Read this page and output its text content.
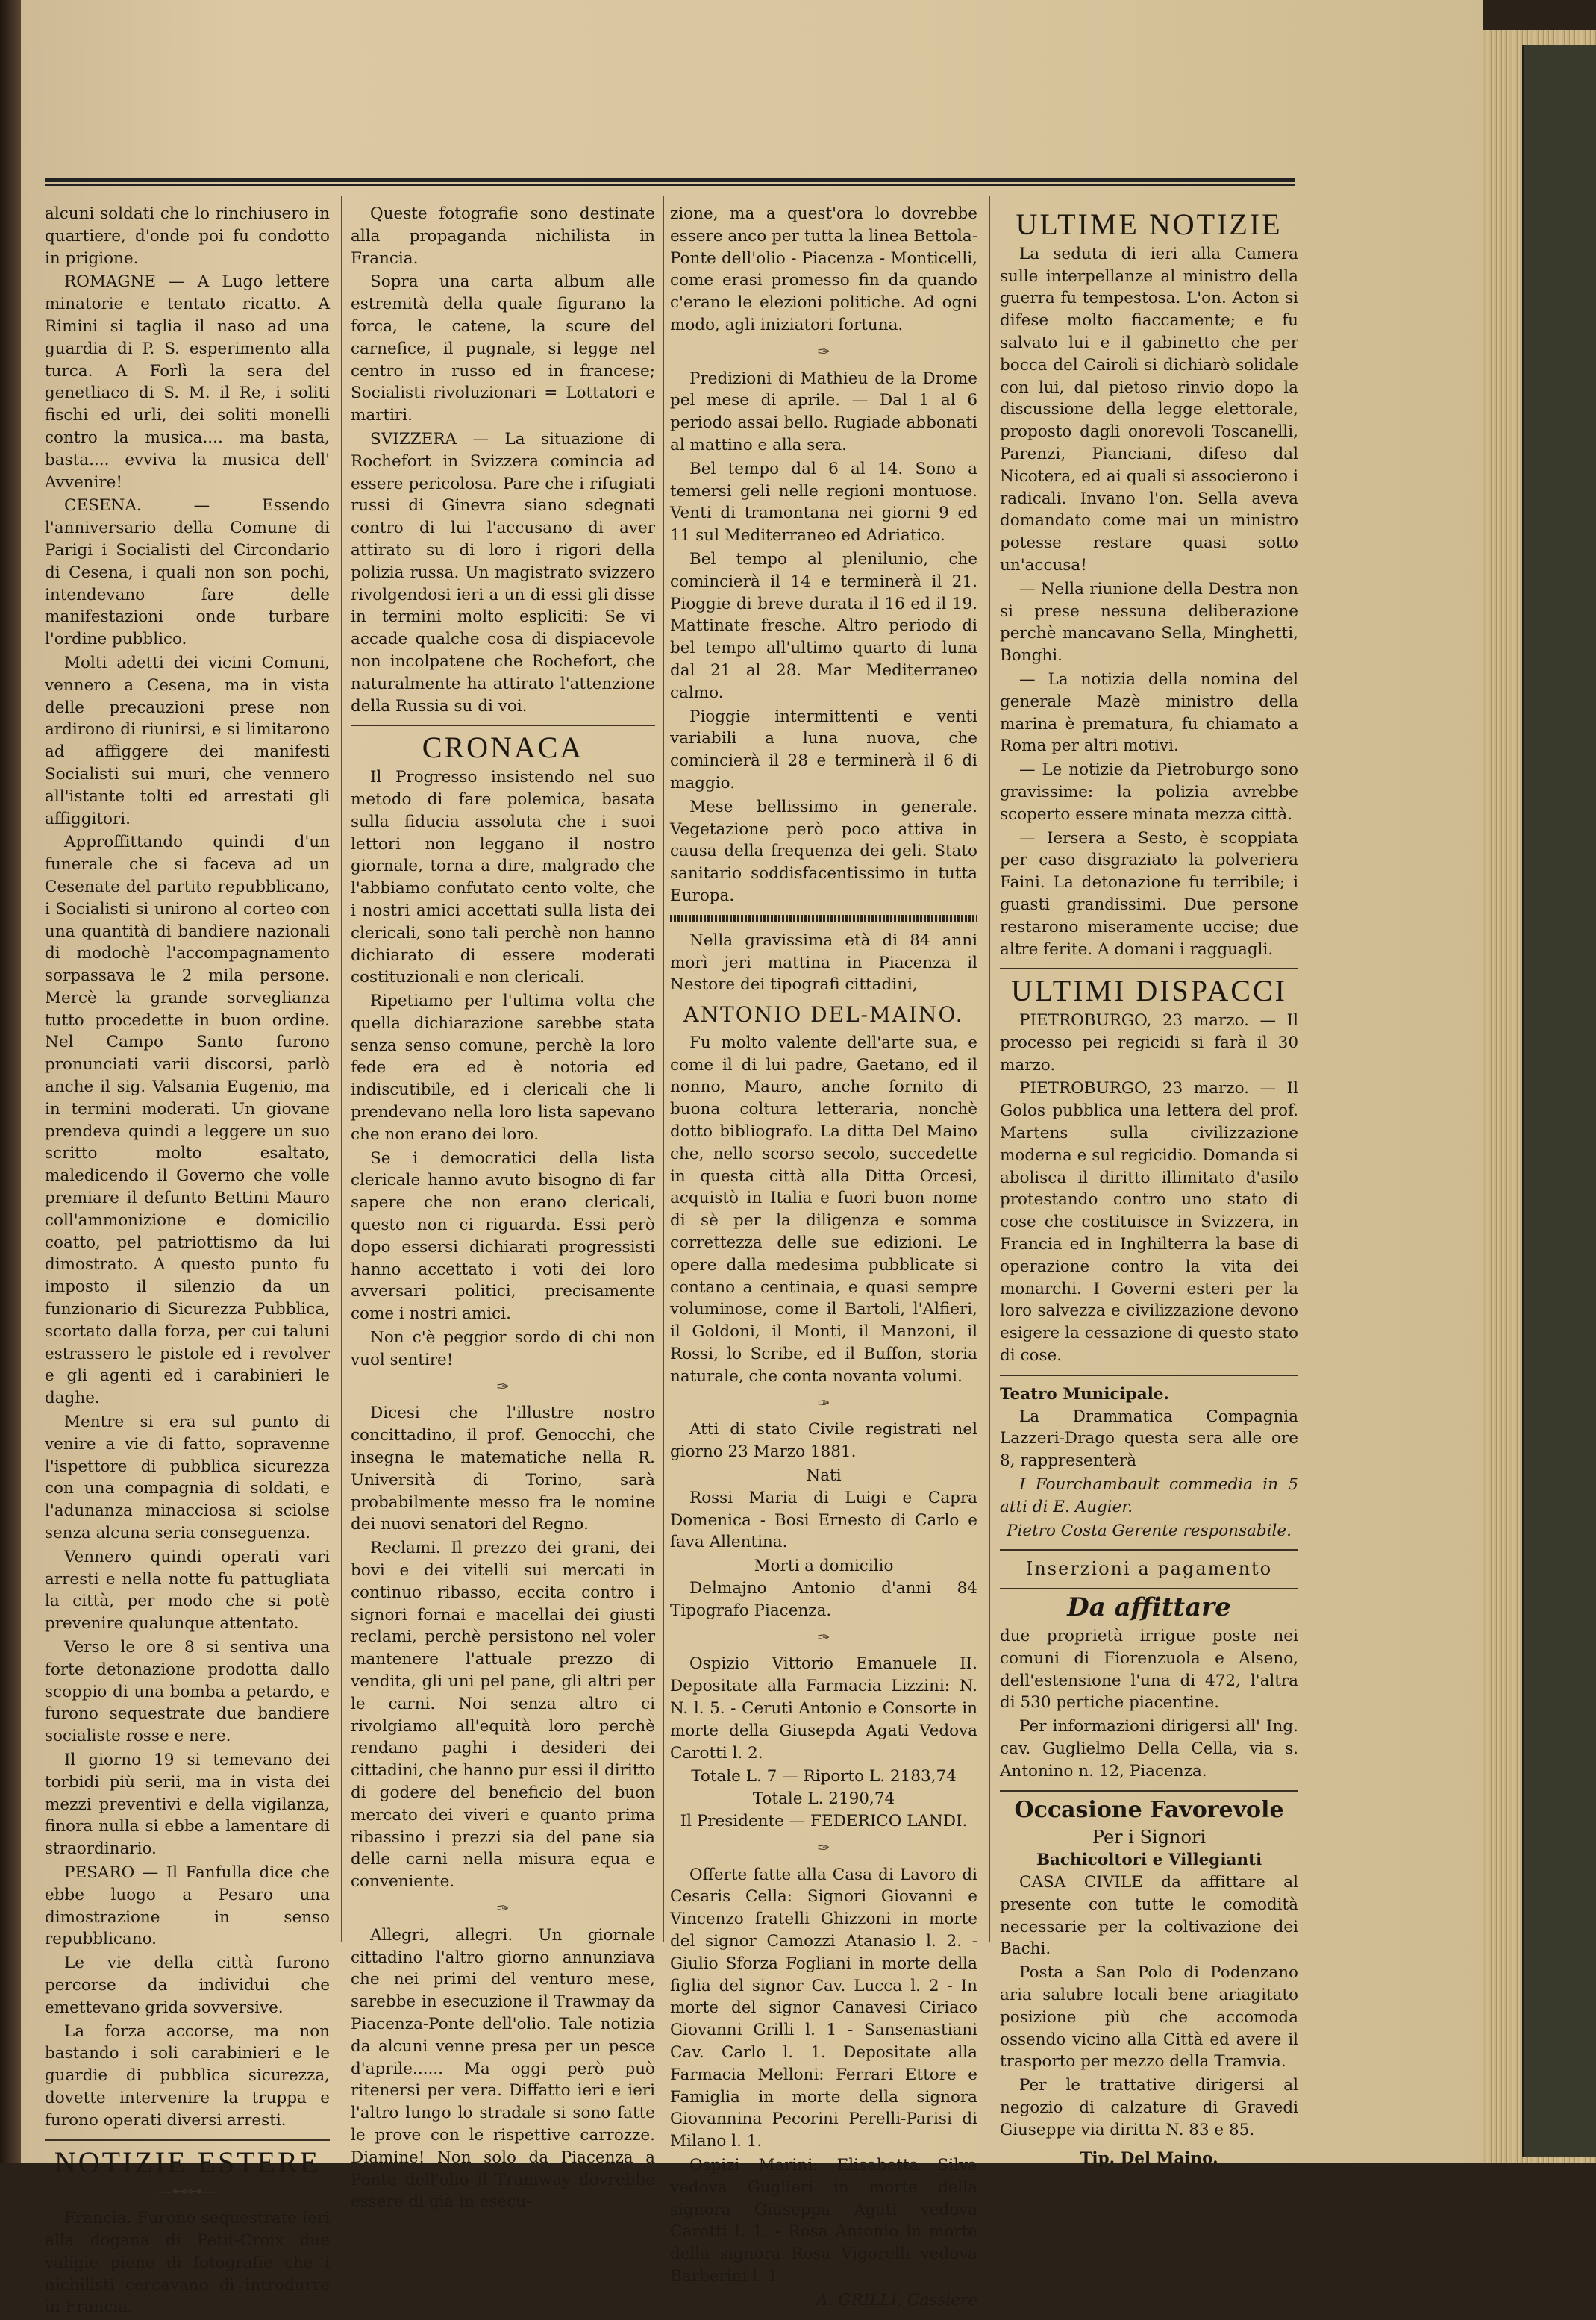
alcuni soldati che lo rinchiusero in quartiere, d'onde poi fu condotto in prigione.

ROMAGNE — A Lugo lettere minatorie e tentato ricatto. A Rimini si taglia il naso ad una guardia di P. S. esperimento alla turca. A Forlì la sera del genetliaco di S. M. il Re, i soliti fischi ed urli, dei soliti monelli contro la musica.... ma basta, basta.... evviva la musica dell' Avvenire!

CESENA. — Essendo l'anniversario della Comune di Parigi i Socialisti del Circondario di Cesena, i quali non son pochi, intendevano fare delle manifestazioni onde turbare l'ordine pubblico.

Molti adetti dei vicini Comuni, vennero a Cesena, ma in vista delle precauzioni prese non ardirono di riunirsi, e si limitarono ad affiggere dei manifesti Socialisti sui muri, che vennero all'istante tolti ed arrestati gli affiggitori.

Approffittando quindi d'un funerale che si faceva ad un Cesenate del partito repubblicano, i Socialisti si unirono al corteo con una quantità di bandiere nazionali di modochè l'accompagnamento sorpassava le 2 mila persone. Mercè la grande sorveglianza tutto procedette in buon ordine. Nel Campo Santo furono pronunciati varii discorsi, parlò anche il sig. Valsania Eugenio, ma in termini moderati. Un giovane prendeva quindi a leggere un suo scritto molto esaltato, maledicendo il Governo che volle premiare il defunto Bettini Mauro coll'ammonizione e domicilio coatto, pel patriottismo da lui dimostrato. A questo punto fu imposto il silenzio da un funzionario di Sicurezza Pubblica, scortato dalla forza, per cui taluni estrassero le pistole ed i revolver e gli agenti ed i carabinieri le daghe.

Mentre si era sul punto di venire a vie di fatto, sopravenne l'ispettore di pubblica sicurezza con una compagnia di soldati, e l'adunanza minacciosa si sciolse senza alcuna seria conseguenza.

Vennero quindi operati vari arresti e nella notte fu pattugliata la città, per modo che si potè prevenire qualunque attentato.

Verso le ore 8 si sentiva una forte detonazione prodotta dallo scoppio di una bomba a petardo, e furono sequestrate due bandiere socialiste rosse e nere.

Il giorno 19 si temevano dei torbidi più serii, ma in vista dei mezzi preventivi e della vigilanza, finora nulla si ebbe a lamentare di straordinario.

PESARO — Il Fanfulla dice che ebbe luogo a Pesaro una dimostrazione in senso repubblicano.

Le vie della città furono percorse da individui che emettevano grida sovversive.

La forza accorse, ma non bastando i soli carabinieri e le guardie di pubblica sicurezza, dovette intervenire la truppa e furono operati diversi arresti.

NOTIZIE ESTERE
—⊷⊶—

Francia. Furono sequestrate ieri alla dogana di Petit-Croix due valigie piene di fotografie che i nichilisti cercavano di introdurre in Francia.

Queste fotografie sono destinate alla propaganda nichilista in Francia.

Sopra una carta album alle estremità della quale figurano la forca, le catene, la scure del carnefice, il pugnale, si legge nel centro in russo ed in francese; Socialisti rivoluzionari = Lottatori e martiri.

SVIZZERA — La situazione di Rochefort in Svizzera comincia ad essere pericolosa. Pare che i rifugiati russi di Ginevra siano sdegnati contro di lui l'accusano di aver attirato su di loro i rigori della polizia russa. Un magistrato svizzero rivolgendosi ieri a un di essi gli disse in termini molto espliciti: Se vi accade qualche cosa di dispiacevole non incolpatene che Rochefort, che naturalmente ha attirato l'attenzione della Russia su di voi.

CRONACA

Il Progresso insistendo nel suo metodo di fare polemica, basata sulla fiducia assoluta che i suoi lettori non leggano il nostro giornale, torna a dire, malgrado che l'abbiamo confutato cento volte, che i nostri amici accettati sulla lista dei clericali, sono tali perchè non hanno dichiarato di essere moderati costituzionali e non clericali.

Ripetiamo per l'ultima volta che quella dichiarazione sarebbe stata senza senso comune, perchè la loro fede era ed è notoria ed indiscutibile, ed i clericali che li prendevano nella loro lista sapevano che non erano dei loro.

Se i democratici della lista clericale hanno avuto bisogno di far sapere che non erano clericali, questo non ci riguarda. Essi però dopo essersi dichiarati progressisti hanno accettato i voti dei loro avversari politici, precisamente come i nostri amici.

Non c'è peggior sordo di chi non vuol sentire!

✑

Dicesi che l'illustre nostro concittadino, il prof. Genocchi, che insegna le matematiche nella R. Università di Torino, sarà probabilmente messo fra le nomine dei nuovi senatori del Regno.

Reclami. Il prezzo dei grani, dei bovi e dei vitelli sui mercati in continuo ribasso, eccita contro i signori fornai e macellai dei giusti reclami, perchè persistono nel voler mantenere l'attuale prezzo di vendita, gli uni pel pane, gli altri per le carni. Noi senza altro ci rivolgiamo all'equità loro perchè rendano paghi i desideri dei cittadini, che hanno pur essi il diritto di godere del beneficio del buon mercato dei viveri e quanto prima ribassino i prezzi sia del pane sia delle carni nella misura equa e conveniente.

✑

Allegri, allegri. Un giornale cittadino l'altro giorno annunziava che nei primi del venturo mese, sarebbe in esecuzione il Trawmay da Piacenza-Ponte dell'olio. Tale notizia da alcuni venne presa per un pesce d'aprile...... Ma oggi però può ritenersi per vera. Diffatto ieri e ieri l'altro lungo lo stradale si sono fatte le prove con le rispettive carrozze. Diamine! Non solo da Piacenza a Ponte dell'olio il Tramway dovrebbe essere di già in esecu-

zione, ma a quest'ora lo dovrebbe essere anco per tutta la linea Bettola-Ponte dell'olio - Piacenza - Monticelli, come erasi promesso fin da quando c'erano le elezioni politiche. Ad ogni modo, agli iniziatori fortuna.

✑

Predizioni di Mathieu de la Drome pel mese di aprile. — Dal 1 al 6 periodo assai bello. Rugiade abbonati al mattino e alla sera.

Bel tempo dal 6 al 14. Sono a temersi geli nelle regioni montuose. Venti di tramontana nei giorni 9 ed 11 sul Mediterraneo ed Adriatico.

Bel tempo al plenilunio, che comincierà il 14 e terminerà il 21. Pioggie di breve durata il 16 ed il 19. Mattinate fresche. Altro periodo di bel tempo all'ultimo quarto di luna dal 21 al 28. Mar Mediterraneo calmo.

Pioggie intermittenti e venti variabili a luna nuova, che comincierà il 28 e terminerà il 6 di maggio.

Mese bellissimo in generale. Vegetazione però poco attiva in causa della frequenza dei geli. Stato sanitario soddisfacentissimo in tutta Europa.

Nella gravissima età di 84 anni morì jeri mattina in Piacenza il Nestore dei tipografi cittadini,

ANTONIO DEL-MAINO.

Fu molto valente dell'arte sua, e come il di lui padre, Gaetano, ed il nonno, Mauro, anche fornito di buona coltura letteraria, nonchè dotto bibliografo. La ditta Del Maino che, nello scorso secolo, succedette in questa città alla Ditta Orcesi, acquistò in Italia e fuori buon nome di sè per la diligenza e somma correttezza delle sue edizioni. Le opere dalla medesima pubblicate si contano a centinaia, e quasi sempre voluminose, come il Bartoli, l'Alfieri, il Goldoni, il Monti, il Manzoni, il Rossi, lo Scribe, ed il Buffon, storia naturale, che conta novanta volumi.

✑

Atti di stato Civile registrati nel giorno 23 Marzo 1881.

Nati

Rossi Maria di Luigi e Capra Domenica - Bosi Ernesto di Carlo e fava Allentina.

Morti a domicilio

Delmajno Antonio d'anni 84 Tipografo Piacenza.

✑

Ospizio Vittorio Emanuele II. Depositate alla Farmacia Lizzini: N. N. l. 5. - Ceruti Antonio e Consorte in morte della Giusepda Agati Vedova Carotti l. 2.

Totale L. 7 — Riporto L. 2183,74
Totale L. 2190,74
Il Presidente — FEDERICO LANDI.
✑

Offerte fatte alla Casa di Lavoro di Cesaris Cella: Signori Giovanni e Vincenzo fratelli Ghizzoni in morte del signor Camozzi Atanasio l. 2. - Giulio Sforza Fogliani in morte della figlia del signor Cav. Lucca l. 2 - In morte del signor Canavesi Ciriaco Giovanni Grilli l. 1 - Sansenastiani Cav. Carlo l. 1. Depositate alla Farmacia Melloni: Ferrari Ettore e Famiglia in morte della signora Giovannina Pecorini Perelli-Parisi di Milano l. 1.

Ospizi Marini: Elisabetta Silva vedova Guglieri in morte della signora Giuseppa Agati vedova Carotti l. 1. - Rosa Antonio in morte della signora Rosa Vigorelli vedova Barberini l. 1.

A. GRILLI, Cassiere
ULTIME NOTIZIE

La seduta di ieri alla Camera sulle interpellanze al ministro della guerra fu tempestosa. L'on. Acton si difese molto fiaccamente; e fu salvato lui e il gabinetto che per bocca del Cairoli si dichiarò solidale con lui, dal pietoso rinvio dopo la discussione della legge elettorale, proposto dagli onorevoli Toscanelli, Parenzi, Pianciani, difeso dal Nicotera, ed ai quali si associerono i radicali. Invano l'on. Sella aveva domandato come mai un ministro potesse restare quasi sotto un'accusa!

— Nella riunione della Destra non si prese nessuna deliberazione perchè mancavano Sella, Minghetti, Bonghi.

— La notizia della nomina del generale Mazè ministro della marina è prematura, fu chiamato a Roma per altri motivi.

— Le notizie da Pietroburgo sono gravissime: la polizia avrebbe scoperto essere minata mezza città.

— Iersera a Sesto, è scoppiata per caso disgraziato la polveriera Faini. La detonazione fu terribile; i guasti grandissimi. Due persone restarono miseramente uccise; due altre ferite. A domani i ragguagli.

ULTIMI DISPACCI

PIETROBURGO, 23 marzo. — Il processo pei regicidi si farà il 30 marzo.

PIETROBURGO, 23 marzo. — Il Golos pubblica una lettera del prof. Martens sulla civilizzazione moderna e sul regicidio. Domanda si abolisca il diritto illimitato d'asilo protestando contro uno stato di cose che costituisce in Svizzera, in Francia ed in Inghilterra la base di operazione contro la vita dei monarchi. I Governi esteri per la loro salvezza e civilizzazione devono esigere la cessazione di questo stato di cose.

Teatro Municipale.

La Drammatica Compagnia Lazzeri-Drago questa sera alle ore 8, rappresenterà

I Fourchambault commedia in 5 atti di E. Augier.

Pietro Costa Gerente responsabile.
Inserzioni a pagamento
Da affittare

due proprietà irrigue poste nei comuni di Fiorenzuola e Alseno, dell'estensione l'una di 472, l'altra di 530 pertiche piacentine.

Per informazioni dirigersi all' Ing. cav. Guglielmo Della Cella, via s. Antonino n. 12, Piacenza.

Occasione Favorevole
Per i Signori
Bachicoltori e Villegianti

CASA CIVILE da affittare al presente con tutte le comodità necessarie per la coltivazione dei Bachi.

Posta a San Polo di Podenzano aria salubre locali bene ariagitato posizione più che accomoda ossendo vicino alla Città ed avere il trasporto per mezzo della Tramvia.

Per le trattative dirigersi al negozio di calzature di Gravedi Giuseppe via diritta N. 83 e 85.

Tip. Del Maino.
